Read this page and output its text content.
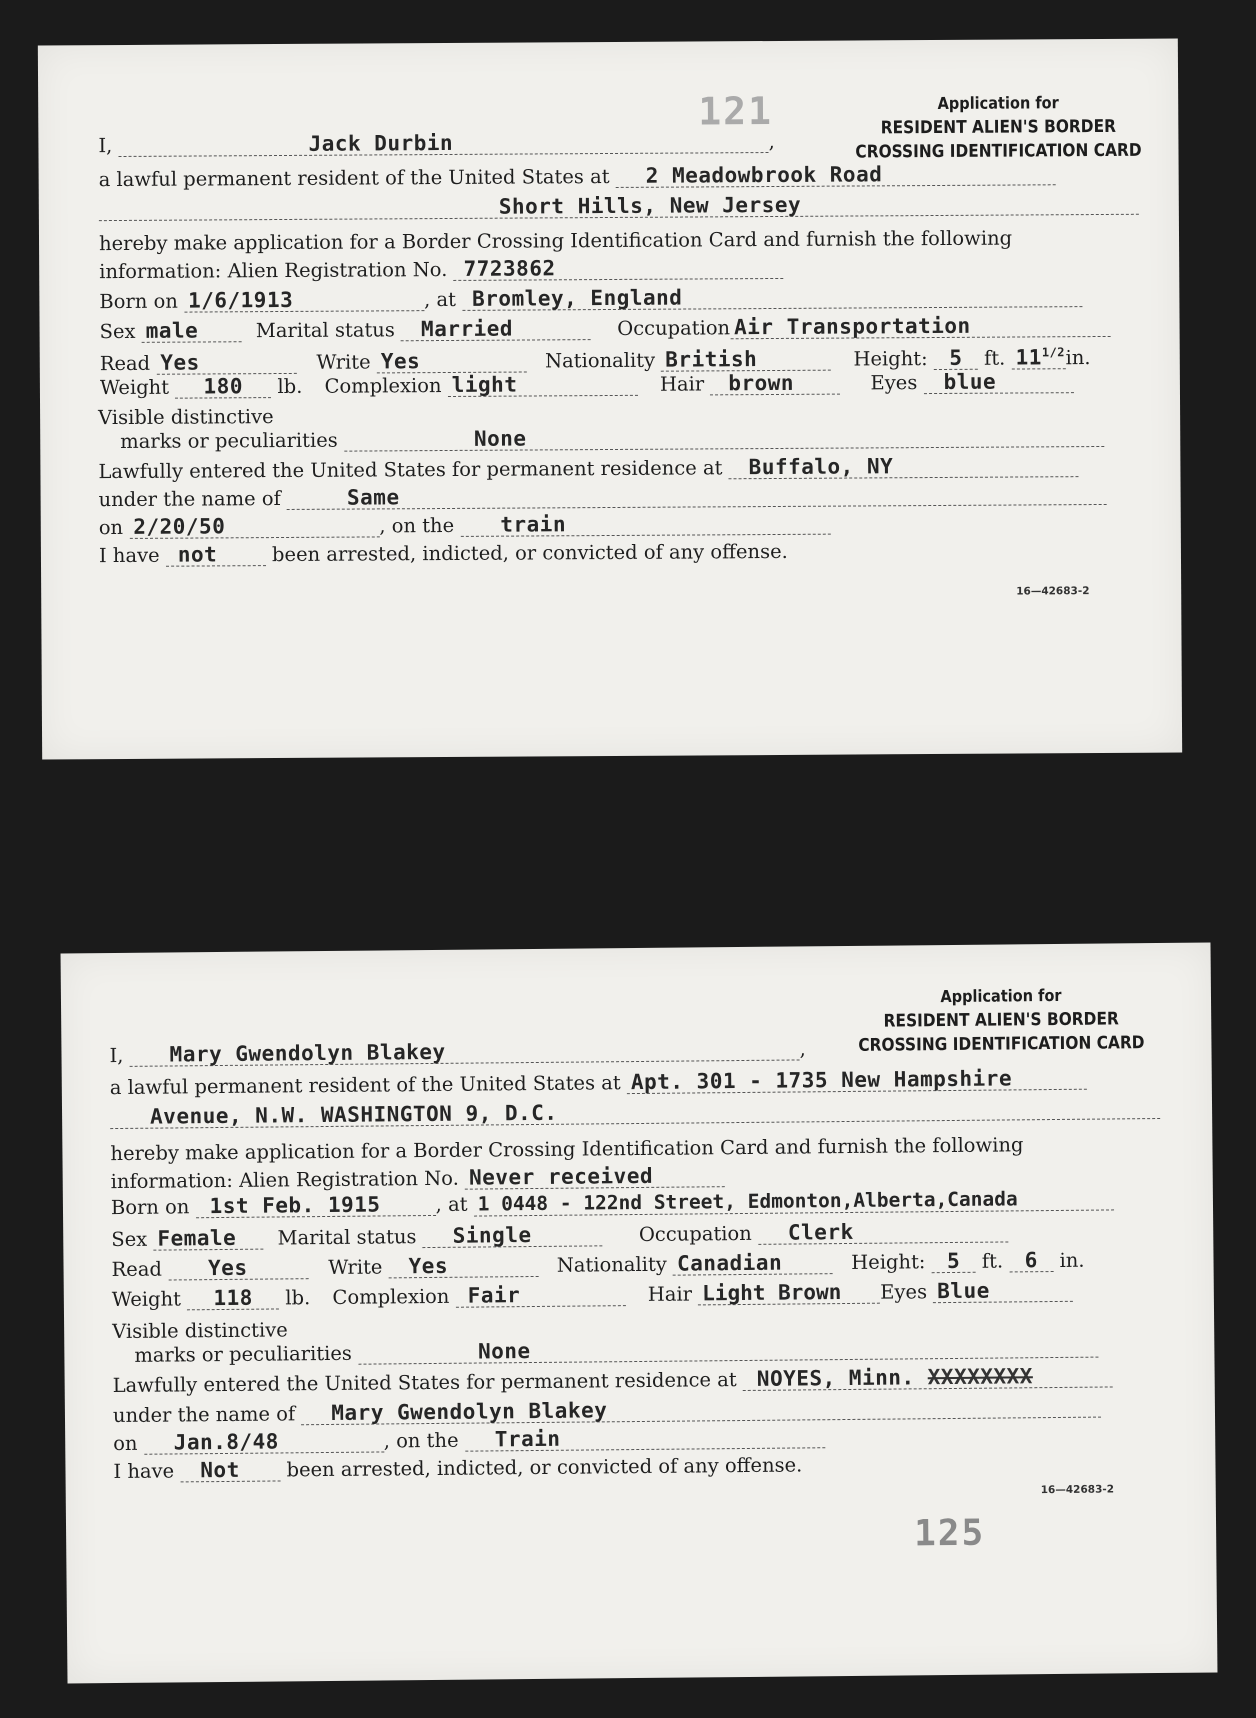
121	Application for
RESIDENT ALIEN'S BORDER
CROSSING IDENTIFICATION CARD
I,	Jack Durbin	,
a lawful permanent resident of the United States at 2 Meadowbrook Road
Short Hills, New Jersey
hereby make application for a Border Crossing Identification Card and furnish the following
information: Alien Registration No. 7723862
Born on 1/6/1913	, at Bromley, England
Sex male	Marital status Married	Occupation Air Transportation
Read Yes	Write Yes	Nationality British	Height: 5 ft. $11^{1/2}in$.
Weight 180 lb. Complexion light	Hair brown	Eyes blue
Visible distinctive
marks or peculiarities	None
Lawfully entered the United States for permanent residence at Buffalo, NY
under the name of	Same
on 2/20/50	, on the train
I have not	been arrested, indicted, or convicted of any offense.
16—42683-2
Application for
RESIDENT ALIEN'S BORDER
CROSSING IDENTIFICATION CARD
I, Mary Gwendolyn Blakey	,
a lawful permanent resident of the United States at Apt. 301 - 1735 New Hampshire
Avenue, N.W. WASHINGTON 9, D.C.
hereby make application for a Border Crossing Identification Card and furnish the following
information: Alien Registration No. Never received
Born on 1st Feb. 1915	, at 1 0448 - 122nd Street, Edmonton,Alberta,Canada
Sex Female Marital status Single	Occupation Clerk
Read Yes	Write Yes	Nationality Canadian	Height: 5 ft. 6 in.
Weight 118 lb. Complexion Fair	Hair Light Brown Eyes Blue
Visible distinctive
marks or peculiarities	None
Lawfully entered the United States for permanent residence at NOYES, Minn. XXXXXXXX
under the name of Mary Gwendolyn Blakey
on Jan.8/48	, on the Train
I have Not been arrested, indicted, or convicted of any offense.
16—42683-2
125
